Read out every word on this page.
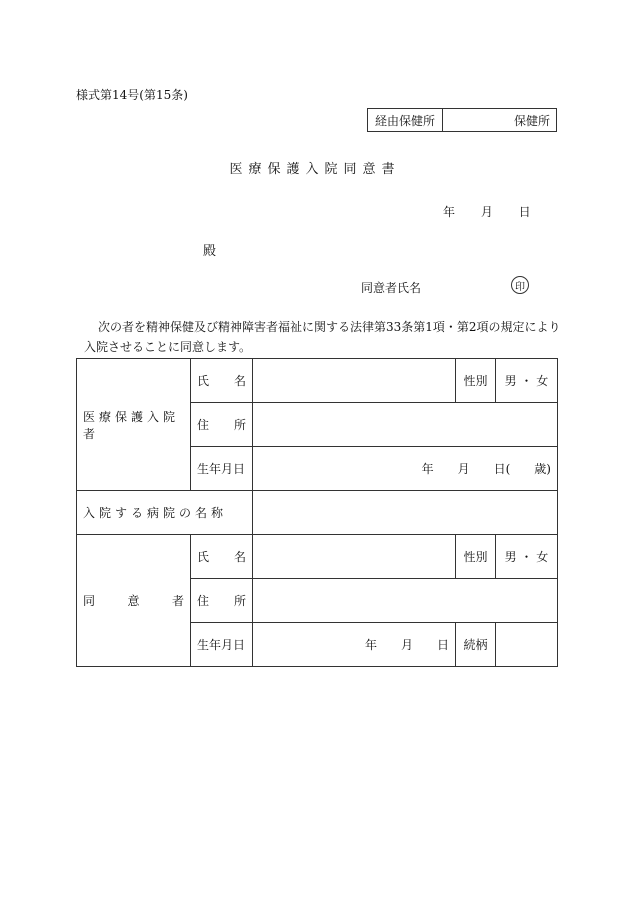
様式第14号(第15条)
経由保健所	保健所
医療保護入院同意書
年 月 日
殿
同意者氏名	印
次の者を精神保健及び精神障害者福祉に関する法律第33条第1項・第2項の規定により
入院させることに同意します。
医療保護入院者	氏 名		性別	男 ・ 女

	住 所			

	生年月日	年　　月　　日(　　歳)		
入院する病院の名称				

同 意 者	氏 名		性別	男 ・ 女

	住 所			

	生年月日	年　　月　　日	続柄	
